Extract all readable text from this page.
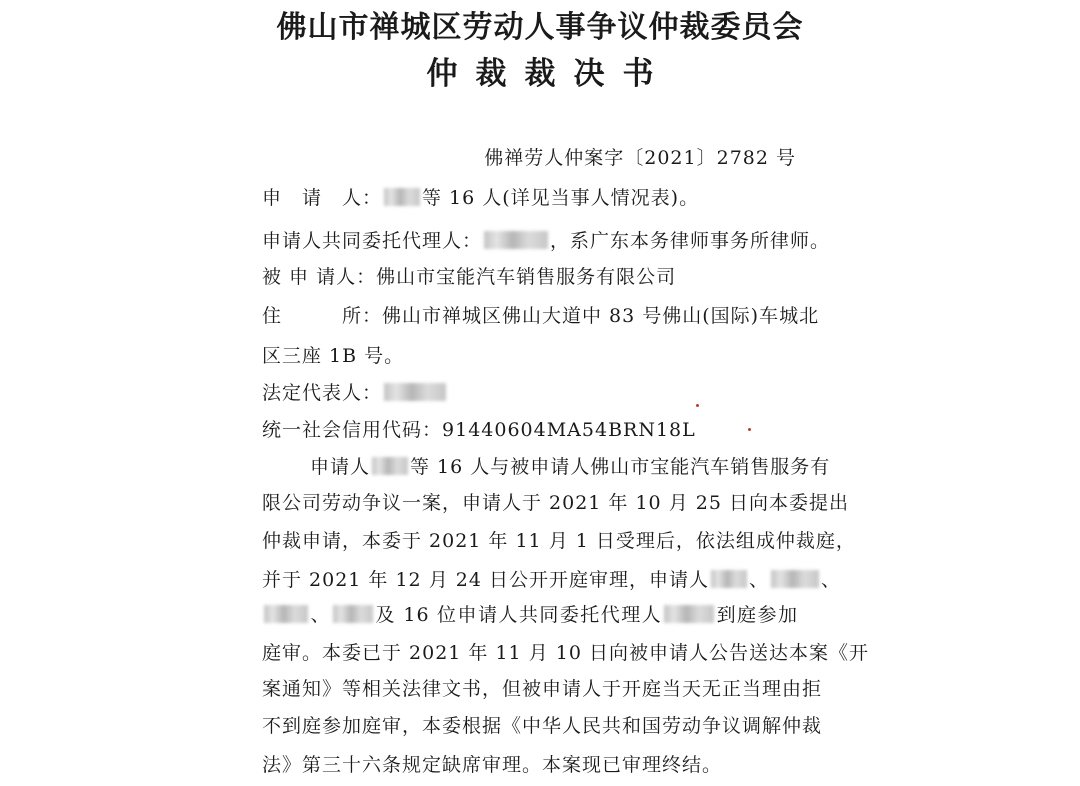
佛山市禅城区劳动人事争议仲裁委员会
仲裁裁决书
佛禅劳人仲案字〔2021〕2782 号
申　请　人： 等 16 人(详见当事人情况表)。
申请人共同委托代理人：	，系广东本务律师事务所律师。
被 申 请人：佛山市宝能汽车销售服务有限公司
住　　　所：佛山市禅城区佛山大道中 83 号佛山(国际)车城北
区三座 1B 号。
法定代表人：
统一社会信用代码：91440604MA54BRN18L
申请人 等 16 人与被申请人佛山市宝能汽车销售服务有
限公司劳动争议一案，申请人于 2021 年 10 月 25 日向本委提出
仲裁申请，本委于 2021 年 11 月 1 日受理后，依法组成仲裁庭，
并于 2021 年 12 月 24 日公开开庭审理，申请人 、	、
、 及 16 位申请人共同委托代理人	到庭参加
庭审。本委已于 2021 年 11 月 10 日向被申请人公告送达本案《开
案通知》等相关法律文书，但被申请人于开庭当天无正当理由拒
不到庭参加庭审，本委根据《中华人民共和国劳动争议调解仲裁
法》第三十六条规定缺席审理。本案现已审理终结。
